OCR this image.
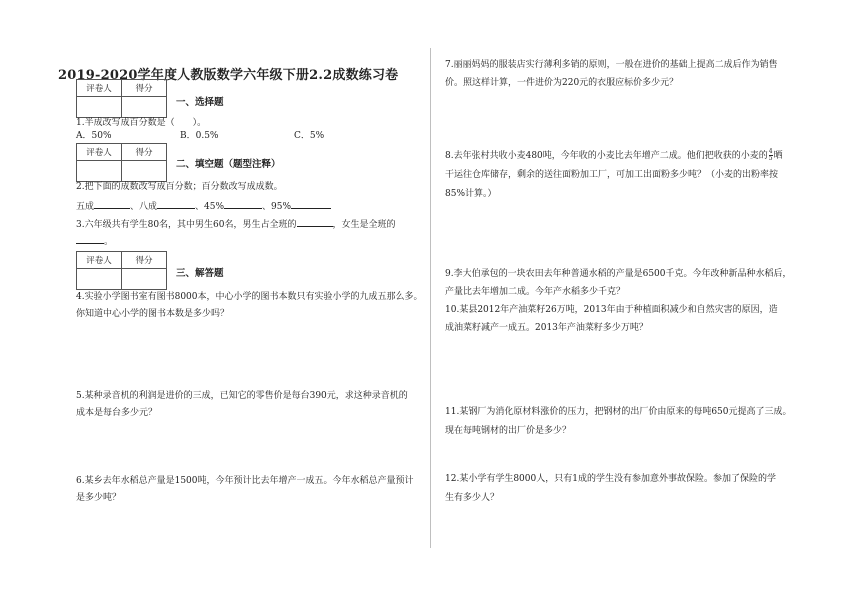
2019-2020学年度人教版数学六年级下册2.2成数练习卷
评卷人	得分

一、选择题
1.半成改写成百分数是（　　）。
A．50%	B．0.5%	C．5%
评卷人	得分

二、填空题（题型注释）
2.把下面的成数改写成百分数；百分数改写成成数。
五成	、八成	、45%	、95%
3.六年级共有学生80名，其中男生60名，男生占全班的	，女生是全班的
。
评卷人	得分

三、解答题
4.实验小学图书室有图书8000本，中心小学的图书本数只有实验小学的九成五那么多。
你知道中心小学的图书本数是多少吗？
5.某种录音机的利润是进价的三成，已知它的零售价是每台390元，求这种录音机的
成本是每台多少元？
6.某乡去年水稻总产量是1500吨，今年预计比去年增产一成五。今年水稻总产量预计
是多少吨？
7.丽丽妈妈的服装店实行薄利多销的原则，一般在进价的基础上提高二成后作为销售
价。照这样计算，一件进价为220元的衣服应标价多少元？
8.去年张村共收小麦480吨，今年收的小麦比去年增产二成。他们把收获的小麦的 $\frac{4}{5}$ 晒
干运往仓库储存，剩余的送往面粉加工厂，可加工出面粉多少吨？（小麦的出粉率按
85%计算。）
9.李大伯承包的一块农田去年种普通水稻的产量是6500千克。今年改种新品种水稻后，
产量比去年增加二成。今年产水稻多少千克？
10.某县2012年产油菜籽26万吨，2013年由于种植面积减少和自然灾害的原因，造
成油菜籽减产一成五。2013年产油菜籽多少万吨？
11.某钢厂为消化原材料涨价的压力，把钢材的出厂价由原来的每吨650元提高了三成。
现在每吨钢材的出厂价是多少？
12.某小学有学生8000人，只有1成的学生没有参加意外事故保险。参加了保险的学
生有多少人？
